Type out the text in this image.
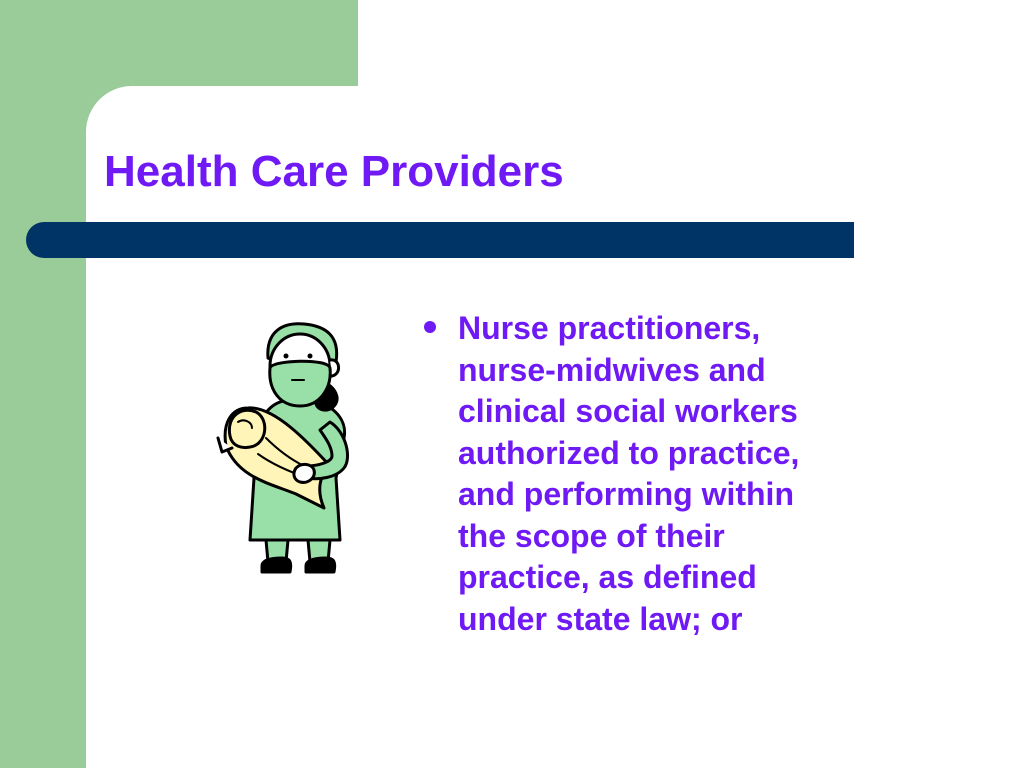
Health Care Providers
Nurse practitioners,
nurse-midwives and
clinical social workers
authorized to practice,
and performing within
the scope of their
practice, as defined
under state law; or
